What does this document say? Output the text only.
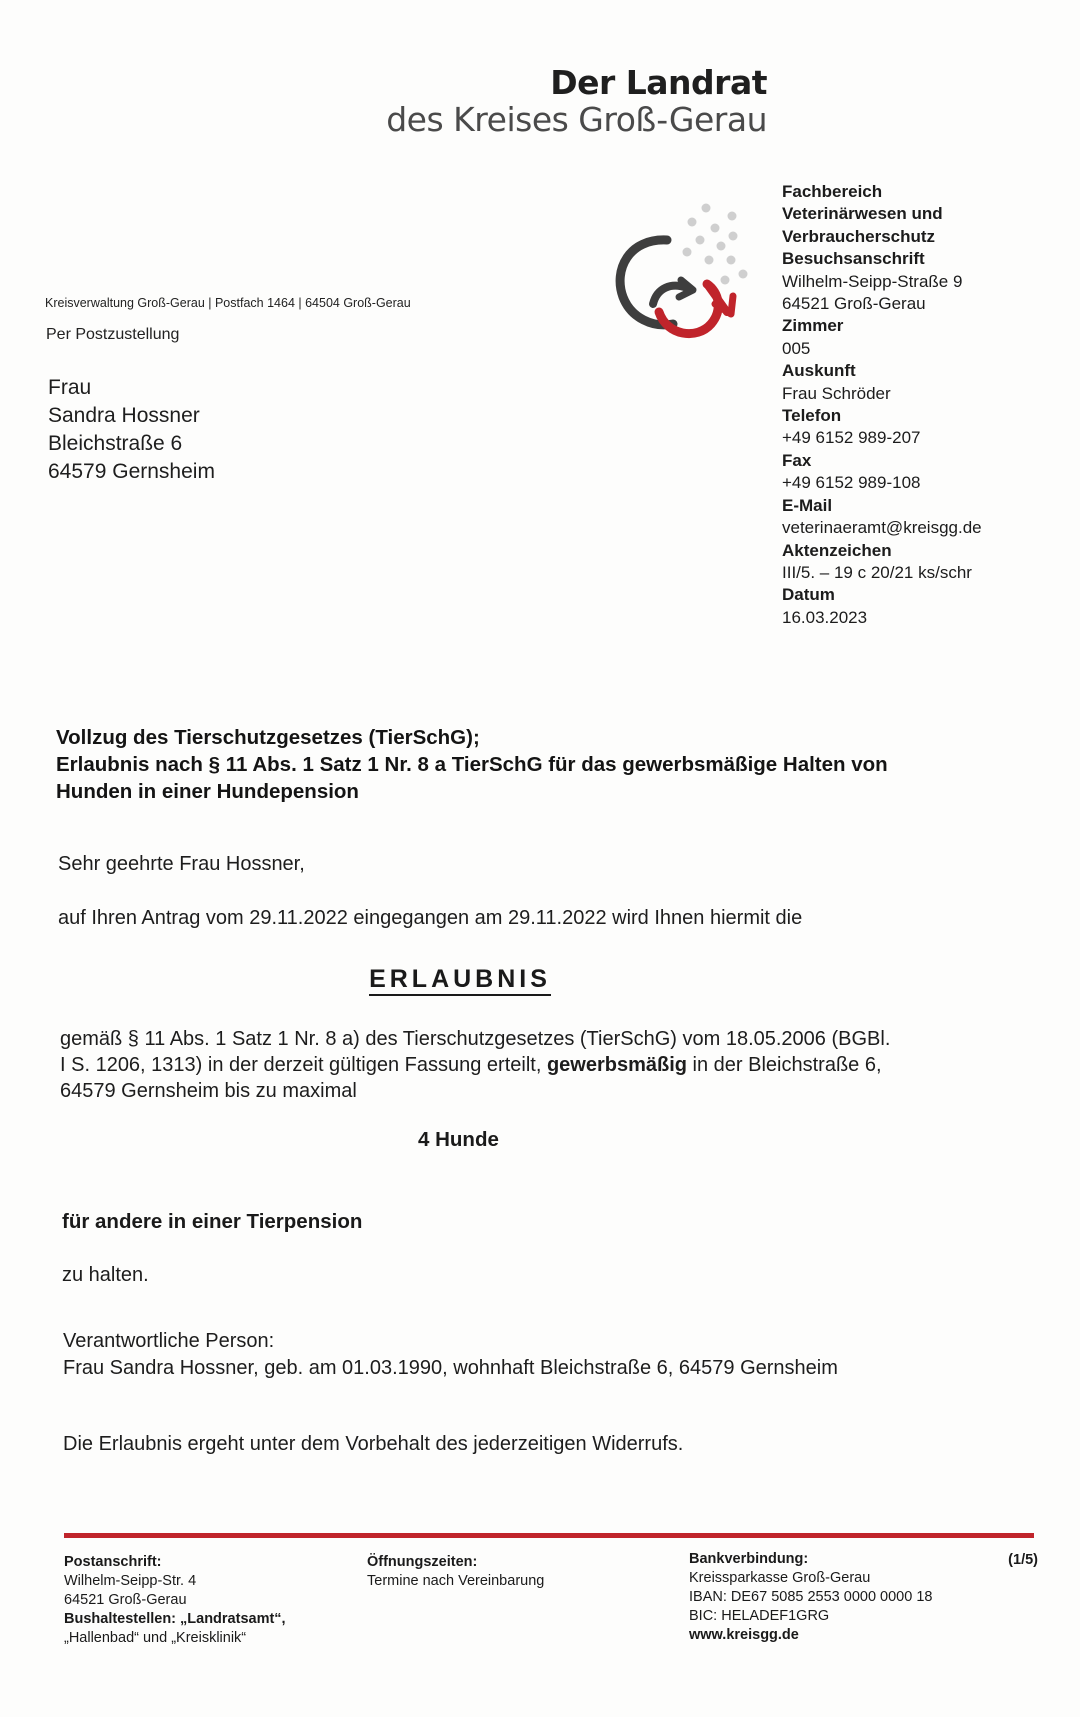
Der Landrat
des Kreises Groß-Gerau
Fachbereich
Veterinärwesen und
Verbraucherschutz
Besuchsanschrift
Wilhelm-Seipp-Straße 9
64521 Groß-Gerau
Zimmer
005
Auskunft
Frau Schröder
Telefon
+49 6152 989-207
Fax
+49 6152 989-108
E-Mail
veterinaeramt@kreisgg.de
Aktenzeichen
III/5. – 19 c 20/21 ks/schr
Datum
16.03.2023
Kreisverwaltung Groß-Gerau | Postfach 1464 | 64504 Groß-Gerau
Per Postzustellung
Frau
Sandra Hossner
Bleichstraße 6
64579 Gernsheim
Vollzug des Tierschutzgesetzes (TierSchG);
Erlaubnis nach § 11 Abs. 1 Satz 1 Nr. 8 a TierSchG für das gewerbsmäßige Halten von
Hunden in einer Hundepension
Sehr geehrte Frau Hossner,
auf Ihren Antrag vom 29.11.2022 eingegangen am 29.11.2022 wird Ihnen hiermit die
ERLAUBNIS
gemäß § 11 Abs. 1 Satz 1 Nr. 8 a) des Tierschutzgesetzes (TierSchG) vom 18.05.2006 (BGBl.
I S. 1206, 1313) in der derzeit gültigen Fassung erteilt, gewerbsmäßig in der Bleichstraße 6,
64579 Gernsheim bis zu maximal
4 Hunde
für andere in einer Tierpension
zu halten.
Verantwortliche Person:
Frau Sandra Hossner, geb. am 01.03.1990, wohnhaft Bleichstraße 6, 64579 Gernsheim
Die Erlaubnis ergeht unter dem Vorbehalt des jederzeitigen Widerrufs.
Postanschrift:
Wilhelm-Seipp-Str. 4
64521 Groß-Gerau
Bushaltestellen: „Landratsamt“,
„Hallenbad“ und „Kreisklinik“
Öffnungszeiten:
Termine nach Vereinbarung
Bankverbindung:
Kreissparkasse Groß-Gerau
IBAN: DE67 5085 2553 0000 0000 18
BIC: HELADEF1GRG
www.kreisgg.de
(1/5)
